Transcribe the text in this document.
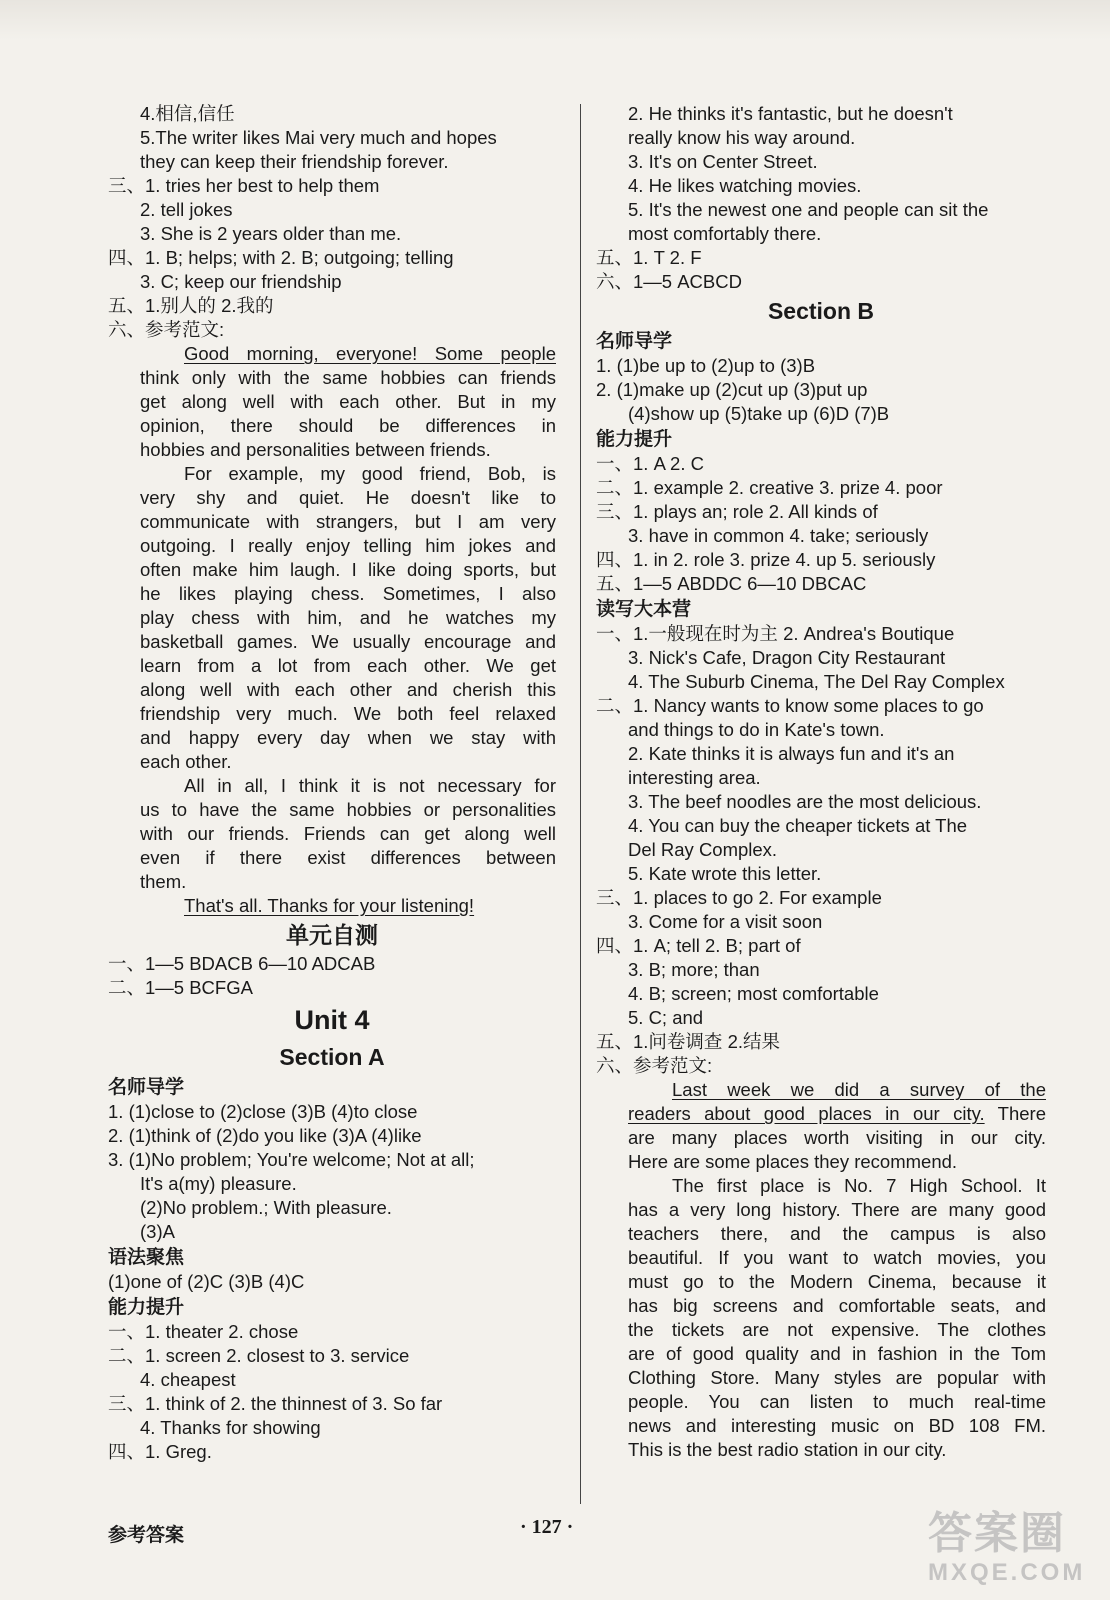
4.相信,信任
5.The writer likes Mai very much and hopes
they can keep their friendship forever.
三、1. tries her best to help them
2. tell jokes
3. She is 2 years older than me.
四、1. B; helps; with 2. B; outgoing; telling
3. C; keep our friendship
五、1.别人的 2.我的
六、参考范文:
Good morning, everyone! Some people
think only with the same hobbies can friends
get along well with each other. But in my
opinion, there should be differences in
hobbies and personalities between friends.
For example, my good friend, Bob, is
very shy and quiet. He doesn't like to
communicate with strangers, but I am very
outgoing. I really enjoy telling him jokes and
often make him laugh. I like doing sports, but
he likes playing chess. Sometimes, I also
play chess with him, and he watches my
basketball games. We usually encourage and
learn from a lot from each other. We get
along well with each other and cherish this
friendship very much. We both feel relaxed
and happy every day when we stay with
each other.
All in all, I think it is not necessary for
us to have the same hobbies or personalities
with our friends. Friends can get along well
even if there exist differences between
them.
That's all. Thanks for your listening!
单元自测
一、1—5 BDACB 6—10 ADCAB
二、1—5 BCFGA
Unit 4
Section A
名师导学
1. (1)close to (2)close (3)B (4)to close
2. (1)think of (2)do you like (3)A (4)like
3. (1)No problem; You're welcome; Not at all;
It's a(my) pleasure.
(2)No problem.; With pleasure.
(3)A
语法聚焦
(1)one of (2)C (3)B (4)C
能力提升
一、1. theater 2. chose
二、1. screen 2. closest to 3. service
4. cheapest
三、1. think of 2. the thinnest of 3. So far
4. Thanks for showing
四、1. Greg.
2. He thinks it's fantastic, but he doesn't
really know his way around.
3. It's on Center Street.
4. He likes watching movies.
5. It's the newest one and people can sit the
most comfortably there.
五、1. T 2. F
六、1—5 ACBCD
Section B
名师导学
1. (1)be up to (2)up to (3)B
2. (1)make up (2)cut up (3)put up
(4)show up (5)take up (6)D (7)B
能力提升
一、1. A 2. C
二、1. example 2. creative 3. prize 4. poor
三、1. plays an; role 2. All kinds of
3. have in common 4. take; seriously
四、1. in 2. role 3. prize 4. up 5. seriously
五、1—5 ABDDC 6—10 DBCAC
读写大本营
一、1.一般现在时为主 2. Andrea's Boutique
3. Nick's Cafe, Dragon City Restaurant
4. The Suburb Cinema, The Del Ray Complex
二、1. Nancy wants to know some places to go
and things to do in Kate's town.
2. Kate thinks it is always fun and it's an
interesting area.
3. The beef noodles are the most delicious.
4. You can buy the cheaper tickets at The
Del Ray Complex.
5. Kate wrote this letter.
三、1. places to go 2. For example
3. Come for a visit soon
四、1. A; tell 2. B; part of
3. B; more; than
4. B; screen; most comfortable
5. C; and
五、1.问卷调查 2.结果
六、参考范文:
Last week we did a survey of the
readers about good places in our city. There
are many places worth visiting in our city.
Here are some places they recommend.
The first place is No. 7 High School. It
has a very long history. There are many good
teachers there, and the campus is also
beautiful. If you want to watch movies, you
must go to the Modern Cinema, because it
has big screens and comfortable seats, and
the tickets are not expensive. The clothes
are of good quality and in fashion in the Tom
Clothing Store. Many styles are popular with
people. You can listen to much real-time
news and interesting music on BD 108 FM.
This is the best radio station in our city.
参考答案	· 127 ·	答案圈
MXQE.COM
